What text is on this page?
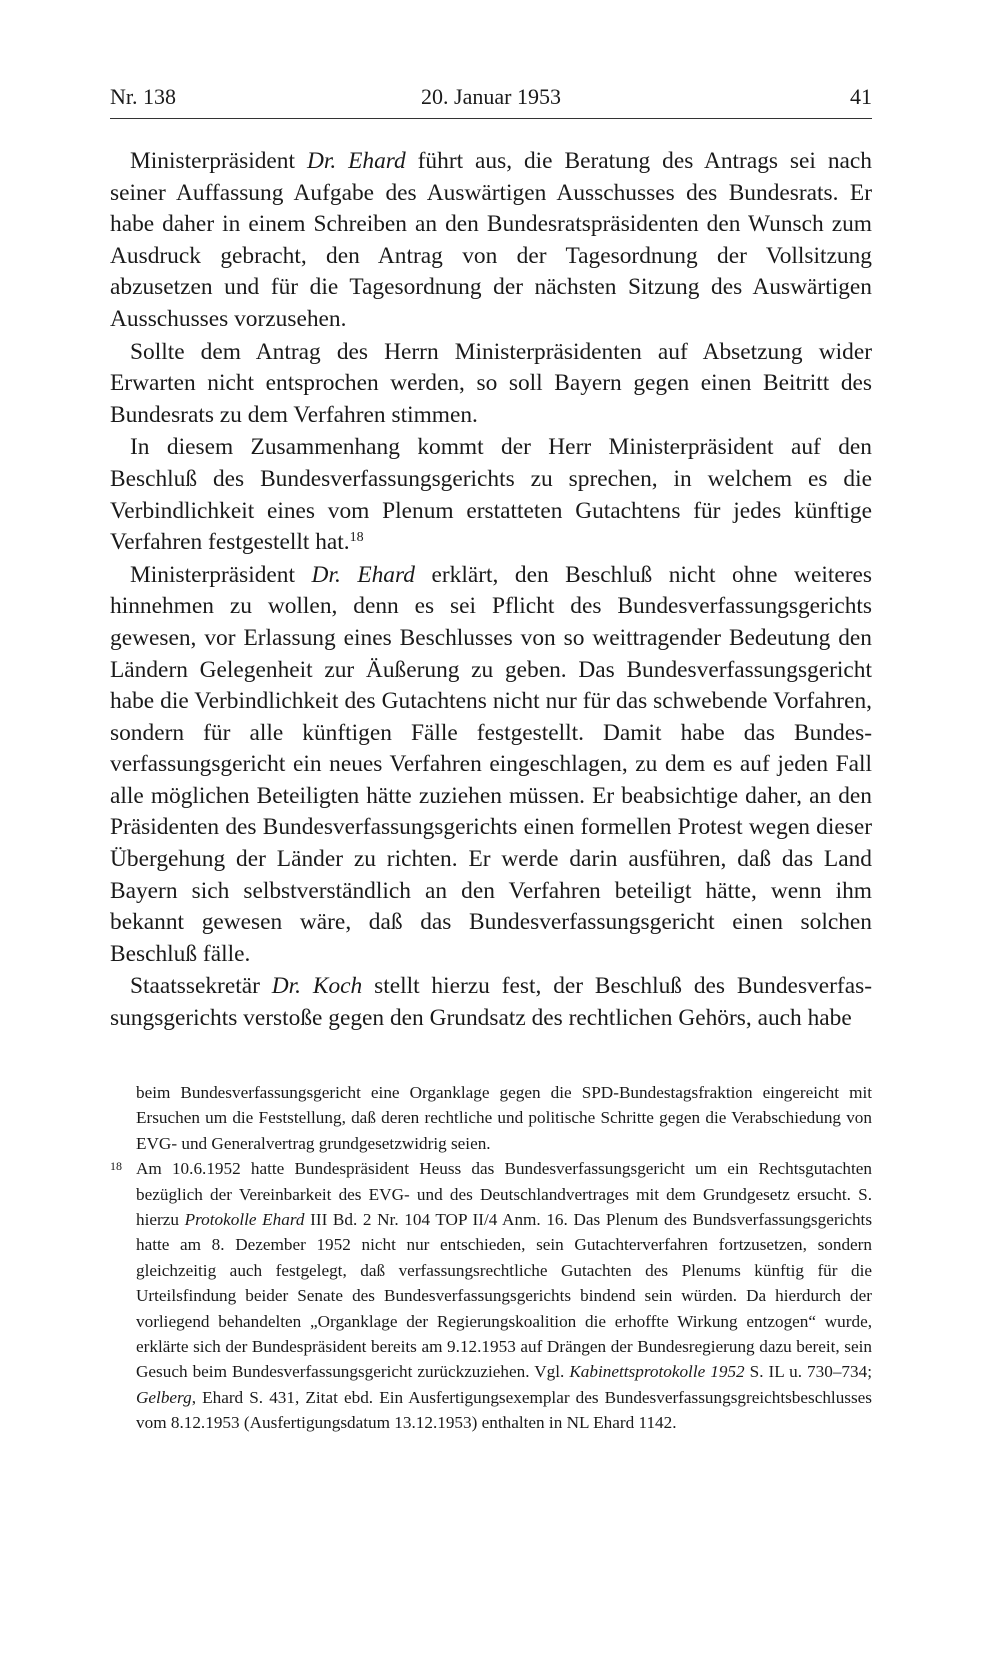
20. Januar 1953
Nr. 138	41

Ministerpräsident Dr. Ehard führt aus, die Beratung des Antrags sei nach seiner Auffassung Aufgabe des Auswärtigen Ausschusses des Bundesrats. Er habe daher in einem Schreiben an den Bundesratspräsidenten den Wunsch zum Ausdruck gebracht, den Antrag von der Tagesordnung der Vollsitzung abzusetzen und für die Tagesordnung der nächsten Sitzung des Auswärtigen Ausschusses vorzusehen.

Sollte dem Antrag des Herrn Ministerpräsidenten auf Absetzung wider Erwarten nicht entsprochen werden, so soll Bayern gegen einen Beitritt des Bundesrats zu dem Verfahren stimmen.

In diesem Zusammenhang kommt der Herr Ministerpräsident auf den Beschluß des Bundesverfassungsgerichts zu sprechen, in welchem es die Verbindlichkeit eines vom Plenum erstatteten Gutachtens für jedes künftige Verfahren festgestellt hat.$^{18}$

Ministerpräsident Dr. Ehard erklärt, den Beschluß nicht ohne weiteres hinnehmen zu wollen, denn es sei Pflicht des Bundesverfassungsgerichts gewesen, vor Erlassung eines Beschlusses von so weittragender Bedeutung den Ländern Gelegenheit zur Äußerung zu geben. Das Bundesverfassungsgericht habe die Verbindlichkeit des Gutachtens nicht nur für das schwebende Vorfahren, sondern für alle künftigen Fälle festgestellt. Damit habe das Bundesverfassungsgericht ein neues Verfahren eingeschlagen, zu dem es auf jeden Fall alle möglichen Beteiligten hätte zuziehen müssen. Er beabsichtige daher, an den Präsidenten des Bundesverfassungsgerichts einen formellen Protest wegen dieser Übergehung der Länder zu richten. Er werde darin ausführen, daß das Land Bayern sich selbstverständlich an den Verfahren beteiligt hätte, wenn ihm bekannt gewesen wäre, daß das Bundesverfassungsgericht einen solchen Beschluß fälle.

Staatssekretär Dr. Koch stellt hierzu fest, der Beschluß des Bundesverfassungsgerichts verstoße gegen den Grundsatz des rechtlichen Gehörs, auch habe

beim Bundesverfassungsgericht eine Organklage gegen die SPD-Bundestagsfraktion eingereicht mit Ersuchen um die Feststellung, daß deren rechtliche und politische Schritte gegen die Verabschiedung von EVG- und Generalvertrag grundgesetzwidrig seien.
18 Am 10.6.1952 hatte Bundespräsident Heuss das Bundesverfassungsgericht um ein Rechtsgutachten bezüglich der Vereinbarkeit des EVG- und des Deutschlandvertrages mit dem Grundgesetz ersucht. S. hierzu Protokolle Ehard III Bd. 2 Nr. 104 TOP II/4 Anm. 16. Das Plenum des Bundsverfassungsgerichts hatte am 8. Dezember 1952 nicht nur entschieden, sein Gutachterverfahren fortzusetzen, sondern gleichzeitig auch festgelegt, daß verfassungsrechtliche Gutachten des Plenums künftig für die Urteilsfindung beider Senate des Bundesverfassungsgerichts bindend sein würden. Da hierdurch der vorliegend behandelten „Organklage der Regierungskoalition die erhoffte Wirkung entzogen“ wurde, erklärte sich der Bundespräsident bereits am 9.12.1953 auf Drängen der Bundesregierung dazu bereit, sein Gesuch beim Bundesverfassungsgericht zurückzuziehen. Vgl. Kabinettsprotokolle 1952 S. IL u. 730–734; Gelberg, Ehard S. 431, Zitat ebd. Ein Ausfertigungsexemplar des Bundesverfassungsgreichtsbeschlusses vom 8.12.1953 (Ausfertigungsdatum 13.12.1953) enthalten in NL Ehard 1142.
